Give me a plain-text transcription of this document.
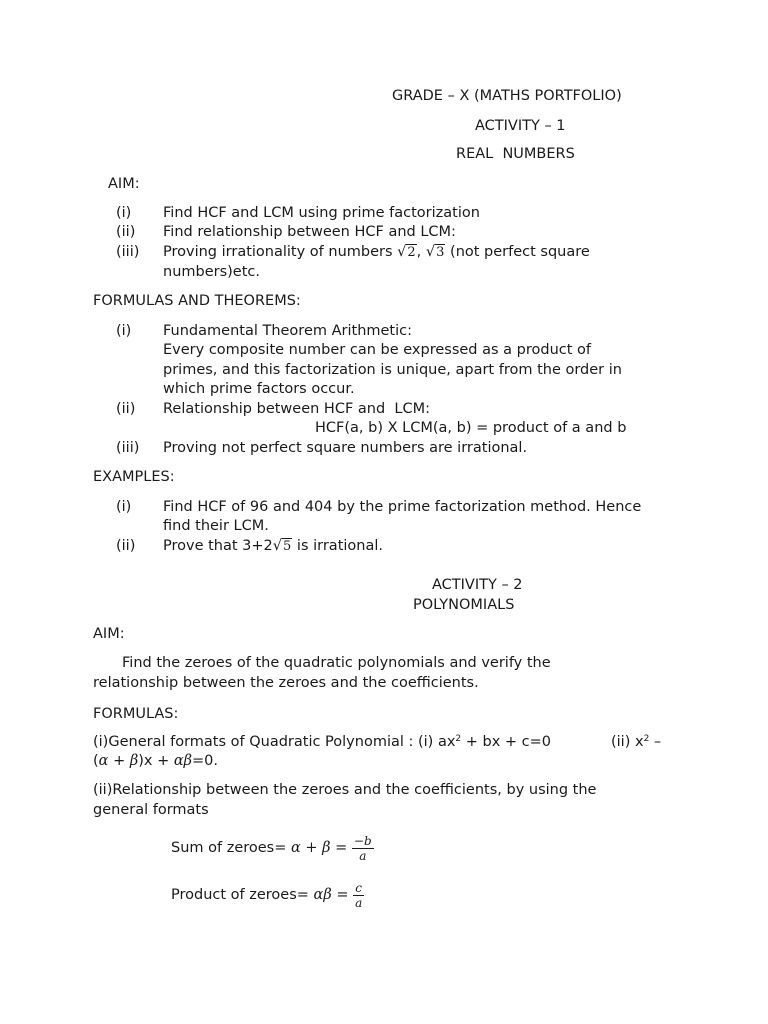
GRADE – X (MATHS PORTFOLIO)
ACTIVITY – 1
REAL  NUMBERS
AIM:
(i) Find HCF and LCM using prime factorization
(ii) Find relationship between HCF and LCM:
(iii) Proving irrationality of numbers √2, √3 (not perfect square
numbers)etc.
FORMULAS AND THEOREMS:
(i) Fundamental Theorem Arithmetic:
Every composite number can be expressed as a product of
primes, and this factorization is unique, apart from the order in
which prime factors occur.
(ii) Relationship between HCF and  LCM:
HCF(a, b) X LCM(a, b) = product of a and b
(iii) Proving not perfect square numbers are irrational.
EXAMPLES:
(i) Find HCF of 96 and 404 by the prime factorization method. Hence
find their LCM.
(ii) Prove that 3+2√5 is irrational.
ACTIVITY – 2
POLYNOMIALS
AIM:
Find the zeroes of the quadratic polynomials and verify the
relationship between the zeroes and the coefficients.
FORMULAS:
(i)General formats of Quadratic Polynomial : (i) $ax^2$ + bx + c=0	(ii) $x^2$ –
(α + β)x + αβ=0.
(ii)Relationship between the zeroes and the coefficients, by using the
general formats
Sum of zeroes= $\alpha + \beta = \frac{-b}{a}$
Product of zeroes= $\alpha\beta = \frac{c}{a}$
